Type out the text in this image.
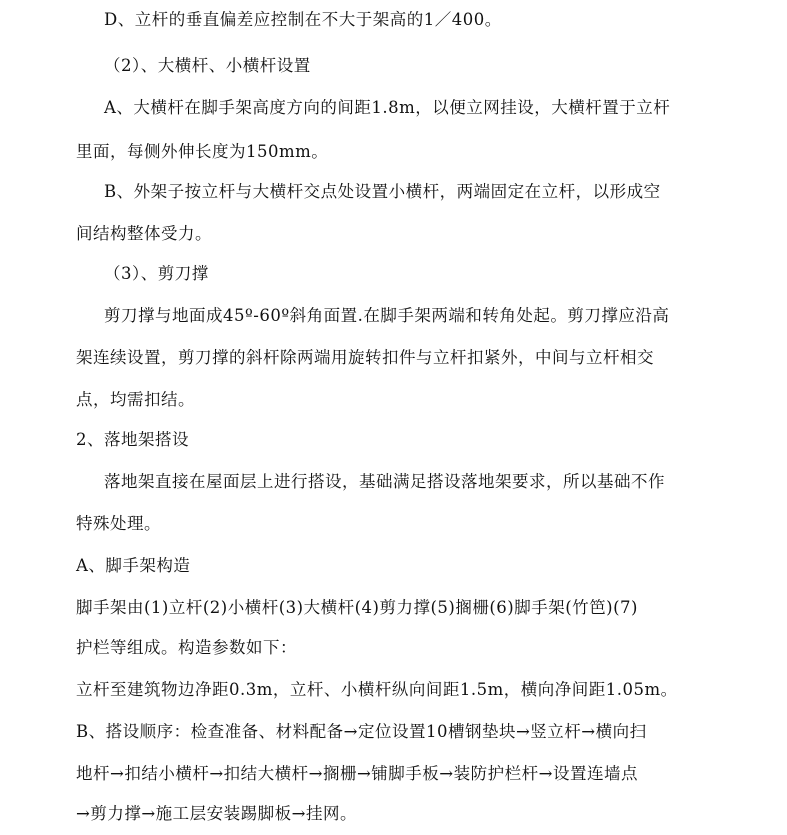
D、立杆的垂直偏差应控制在不大于架高的1／400。
（2）、大横杆、小横杆设置
A、大横杆在脚手架高度方向的间距1.8m，以便立网挂设，大横杆置于立杆
里面，每侧外伸长度为150mm。
B、外架子按立杆与大横杆交点处设置小横杆，两端固定在立杆，以形成空
间结构整体受力。
（3）、剪刀撑
剪刀撑与地面成45º-60º斜角面置.在脚手架两端和转角处起。剪刀撑应沿高
架连续设置，剪刀撑的斜杆除两端用旋转扣件与立杆扣紧外，中间与立杆相交
点，均需扣结。
2、落地架搭设
落地架直接在屋面层上进行搭设，基础满足搭设落地架要求，所以基础不作
特殊处理。
A、脚手架构造
脚手架由(1)立杆(2)小横杆(3)大横杆(4)剪力撑(5)搁栅(6)脚手架(竹笆)(7)
护栏等组成。构造参数如下：
立杆至建筑物边净距0.3m，立杆、小横杆纵向间距1.5m，横向净间距1.05m。
B、搭设顺序：检查准备、材料配备→定位设置10槽钢垫块→竖立杆→横向扫
地杆→扣结小横杆→扣结大横杆→搁栅→铺脚手板→装防护栏杆→设置连墙点
→剪力撑→施工层安装踢脚板→挂网。
